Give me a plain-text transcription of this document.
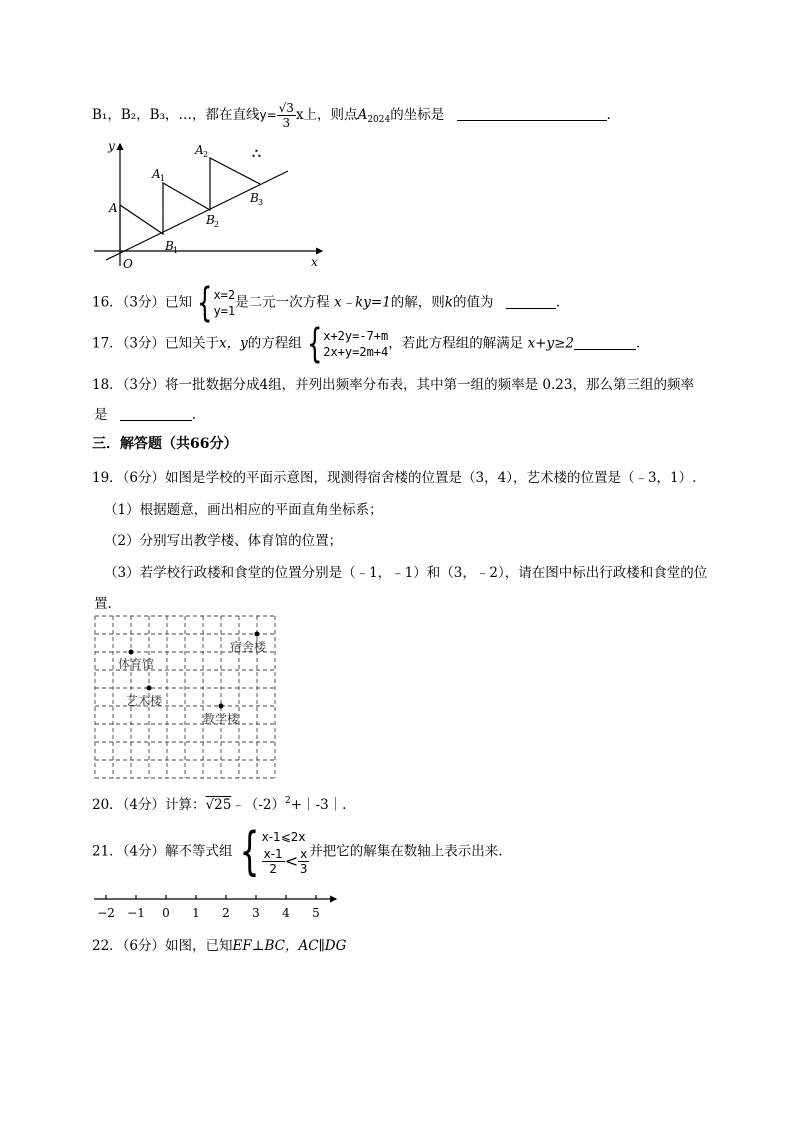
B₁，B₂，B₃，…，都在直线$y= \frac{√3}{3}$ x上，则点$A_{2024}$的坐标是	.
y
x
O
A
A 1
A 2
B 1
B 2
B 3
∴
16．（3分）已知 { x=2
y=1
是二元一次方程 x﹣ky=1的解，则k的值为	.
17．（3分）已知关于x，y的方程组 { x+2y=-7+m
2x+y=2m+4
，若此方程组的解满足 x+y≥2	.
18．（3分）将一批数据分成4组，并列出频率分布表，其中第一组的频率是 0.23，那么第三组的频率
是	.
三．解答题（共66分）
19．（6分）如图是学校的平面示意图，现测得宿舍楼的位置是（3，4），艺术楼的位置是（﹣3，1）.
（1）根据题意，画出相应的平面直角坐标系；
（2）分别写出教学楼、体育馆的位置；
（3）若学校行政楼和食堂的位置分别是（﹣1，﹣1）和（3，﹣2），请在图中标出行政楼和食堂的位
置.
宿舍楼
体育馆
艺术楼
教学楼
20．（4分）计算：$√25﹣(-2)^2+|-3|$.
21．（4分）解不等式组 { x-1⩽2x
$\frac{x-1}{2} < \frac{x}{3}$ 并把它的解集在数轴上表示出来.
−2 −1 0 1 2 3 4 5
22．（6分）如图，已知EF⊥BC，AC∥DG
